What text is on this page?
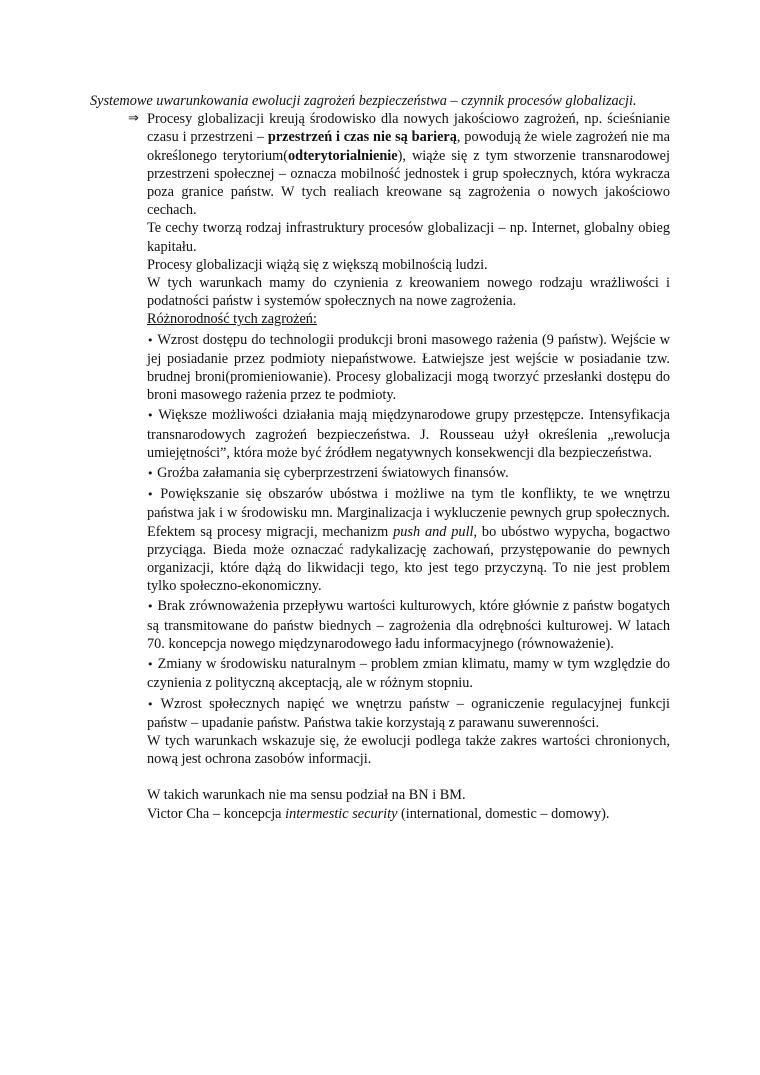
Systemowe uwarunkowania ewolucji zagrożeń bezpieczeństwa – czynnik procesów globalizacji.

⇒ Procesy globalizacji kreują środowisko dla nowych jakościowo zagrożeń, np. ścieśnianie czasu i przestrzeni – przestrzeń i czas nie są barierą, powodują że wiele zagrożeń nie ma określonego terytorium(odterytorialnienie), wiąże się z tym stworzenie transnarodowej przestrzeni społecznej – oznacza mobilność jednostek i grup społecznych, która wykracza poza granice państw. W tych realiach kreowane są zagrożenia o nowych jakościowo cechach.

Te cechy tworzą rodzaj infrastruktury procesów globalizacji – np. Internet, globalny obieg kapitału.

Procesy globalizacji wiążą się z większą mobilnością ludzi.

W tych warunkach mamy do czynienia z kreowaniem nowego rodzaju wrażliwości i podatności państw i systemów społecznych na nowe zagrożenia.

Różnorodność tych zagrożeń:

• Wzrost dostępu do technologii produkcji broni masowego rażenia (9 państw). Wejście w jej posiadanie przez podmioty niepaństwowe. Łatwiejsze jest wejście w posiadanie tzw. brudnej broni(promieniowanie). Procesy globalizacji mogą tworzyć przesłanki dostępu do broni masowego rażenia przez te podmioty.

• Większe możliwości działania mają międzynarodowe grupy przestępcze. Intensyfikacja transnarodowych zagrożeń bezpieczeństwa. J. Rousseau użył określenia „rewolucja umiejętności”, która może być źródłem negatywnych konsekwencji dla bezpieczeństwa.

• Groźba załamania się cyberprzestrzeni światowych finansów.

• Powiększanie się obszarów ubóstwa i możliwe na tym tle konflikty, te we wnętrzu państwa jak i w środowisku mn. Marginalizacja i wykluczenie pewnych grup społecznych. Efektem są procesy migracji, mechanizm push and pull, bo ubóstwo wypycha, bogactwo przyciąga. Bieda może oznaczać radykalizację zachowań, przystępowanie do pewnych organizacji, które dążą do likwidacji tego, kto jest tego przyczyną. To nie jest problem tylko społeczno-ekonomiczny.

• Brak zrównoważenia przepływu wartości kulturowych, które głównie z państw bogatych są transmitowane do państw biednych – zagrożenia dla odrębności kulturowej. W latach 70. koncepcja nowego międzynarodowego ładu informacyjnego (równoważenie).

• Zmiany w środowisku naturalnym – problem zmian klimatu, mamy w tym względzie do czynienia z polityczną akceptacją, ale w różnym stopniu.

• Wzrost społecznych napięć we wnętrzu państw – ograniczenie regulacyjnej funkcji państw – upadanie państw. Państwa takie korzystają z parawanu suwerenności.

W tych warunkach wskazuje się, że ewolucji podlega także zakres wartości chronionych, nową jest ochrona zasobów informacji.

W takich warunkach nie ma sensu podział na BN i BM.

Victor Cha – koncepcja intermestic security (international, domestic – domowy).
